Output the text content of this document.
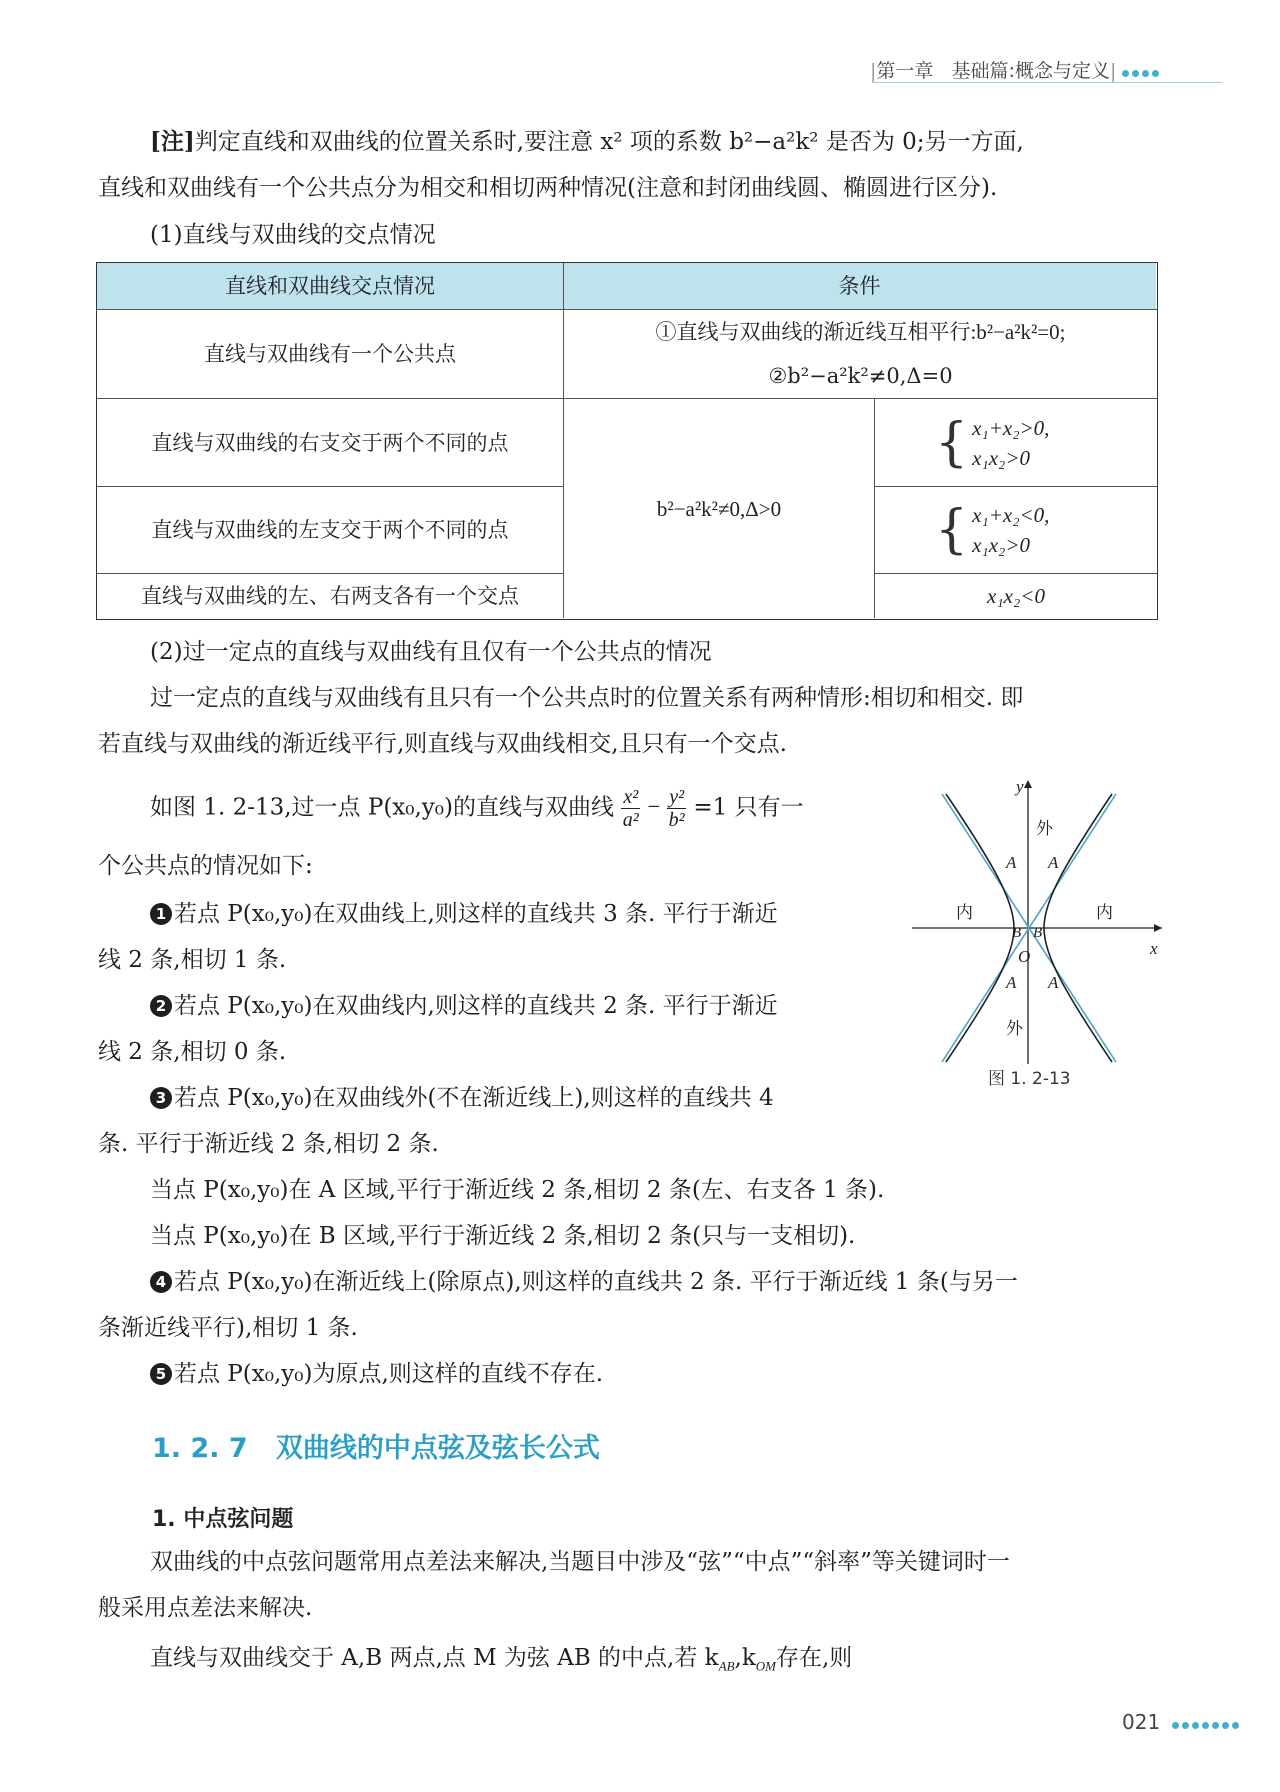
|第一章 基础篇:概念与定义|
[注]判定直线和双曲线的位置关系时,要注意 x² 项的系数 b²−a²k² 是否为 0;另一方面,
直线和双曲线有一个公共点分为相交和相切两种情况(注意和封闭曲线圆、椭圆进行区分).
(1)直线与双曲线的交点情况
直线和双曲线交点情况	条件
直线与双曲线有一个公共点
①直线与双曲线的渐近线互相平行:b²−a²k²=0;
②b²−a²k²≠0,Δ=0
直线与双曲线的右支交于两个不同的点
直线与双曲线的左支交于两个不同的点
直线与双曲线的左、右两支各有一个交点
b²−a²k²≠0,Δ>0
{ x₁+x₂>0,
x₁x₂>0
{ x₁+x₂<0,
x₁x₂>0
x₁x₂<0
(2)过一定点的直线与双曲线有且仅有一个公共点的情况
过一定点的直线与双曲线有且只有一个公共点时的位置关系有两种情形:相切和相交. 即
若直线与双曲线的渐近线平行,则直线与双曲线相交,且只有一个交点.
如图 1. 2-13,过一点 P(x₀,y₀)的直线与双曲线 $\frac{\text{x²}}{\text{a²}} - \frac{\text{y²}}{\text{b²}} =1$ 只有一
个公共点的情况如下:
1 若点 P(x₀,y₀)在双曲线上,则这样的直线共 3 条. 平行于渐近
线 2 条,相切 1 条.
2 若点 P(x₀,y₀)在双曲线内,则这样的直线共 2 条. 平行于渐近
线 2 条,相切 0 条.
3 若点 P(x₀,y₀)在双曲线外(不在渐近线上),则这样的直线共 4
条. 平行于渐近线 2 条,相切 2 条.
当点 P(x₀,y₀)在 A 区域,平行于渐近线 2 条,相切 2 条(左、右支各 1 条).
当点 P(x₀,y₀)在 B 区域,平行于渐近线 2 条,相切 2 条(只与一支相切).
4 若点 P(x₀,y₀)在渐近线上(除原点),则这样的直线共 2 条. 平行于渐近线 1 条(与另一
条渐近线平行),相切 1 条.
5 若点 P(x₀,y₀)为原点,则这样的直线不存在.
y
x
O
外
外
内	内
A A
A A
B B
图 1. 2-13
1. 2. 7 双曲线的中点弦及弦长公式
1. 中点弦问题
双曲线的中点弦问题常用点差法来解决,当题目中涉及“弦”“中点”“斜率”等关键词时一
般采用点差法来解决.
直线与双曲线交于 A,B 两点,点 M 为弦 AB 的中点,若 $k_{AB},k_{OM}$存在,则
021
